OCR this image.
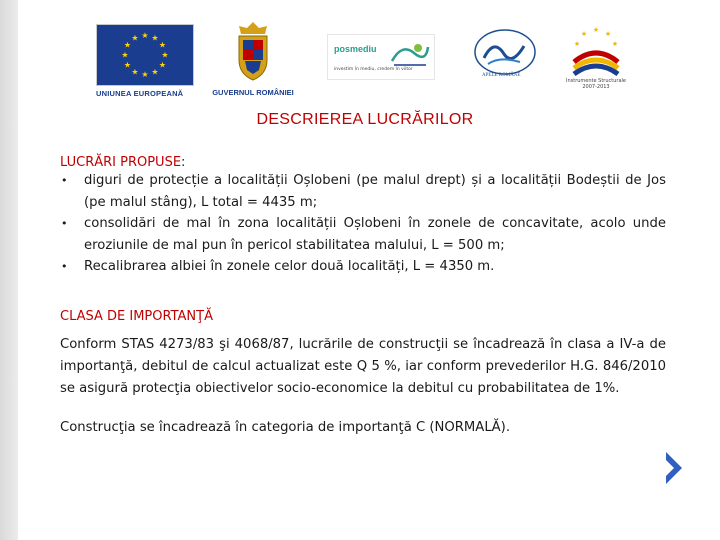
★ ★
★
★
★
★
★
★
★
★
★
★
UNIUNEA EUROPEANĂ	GUVERNUL ROMÂNIEI
posmediu
investim în mediu, credem în viitor
APELE ROMÂNE
★ ★
★
★
★
Instrumente Structurale 2007-2013
DESCRIEREA LUCRĂRILOR
LUCRĂRI PROPUSE:
• diguri de protecție a localității Oșlobeni (pe malul drept) și a localității Bodeștii de Jos (pe malul stâng), L total = 4435 m;
• consolidări de mal în zona localității Oșlobeni în zonele de concavitate, acolo unde eroziunile de mal pun în pericol stabilitatea malului, L = 500 m;
• Recalibrarea albiei în zonele celor două localități, L = 4350 m.
CLASA DE IMPORTANŢĂ
Conform STAS 4273/83 şi 4068/87, lucrările de construcţii se încadrează în clasa a IV-a de importanţă, debitul de calcul actualizat este Q 5 %, iar conform prevederilor H.G. 846/2010 se asigură protecţia obiectivelor socio-economice la debitul cu probabilitatea de 1%.
Construcţia se încadrează în categoria de importanţă C (NORMALĂ).
